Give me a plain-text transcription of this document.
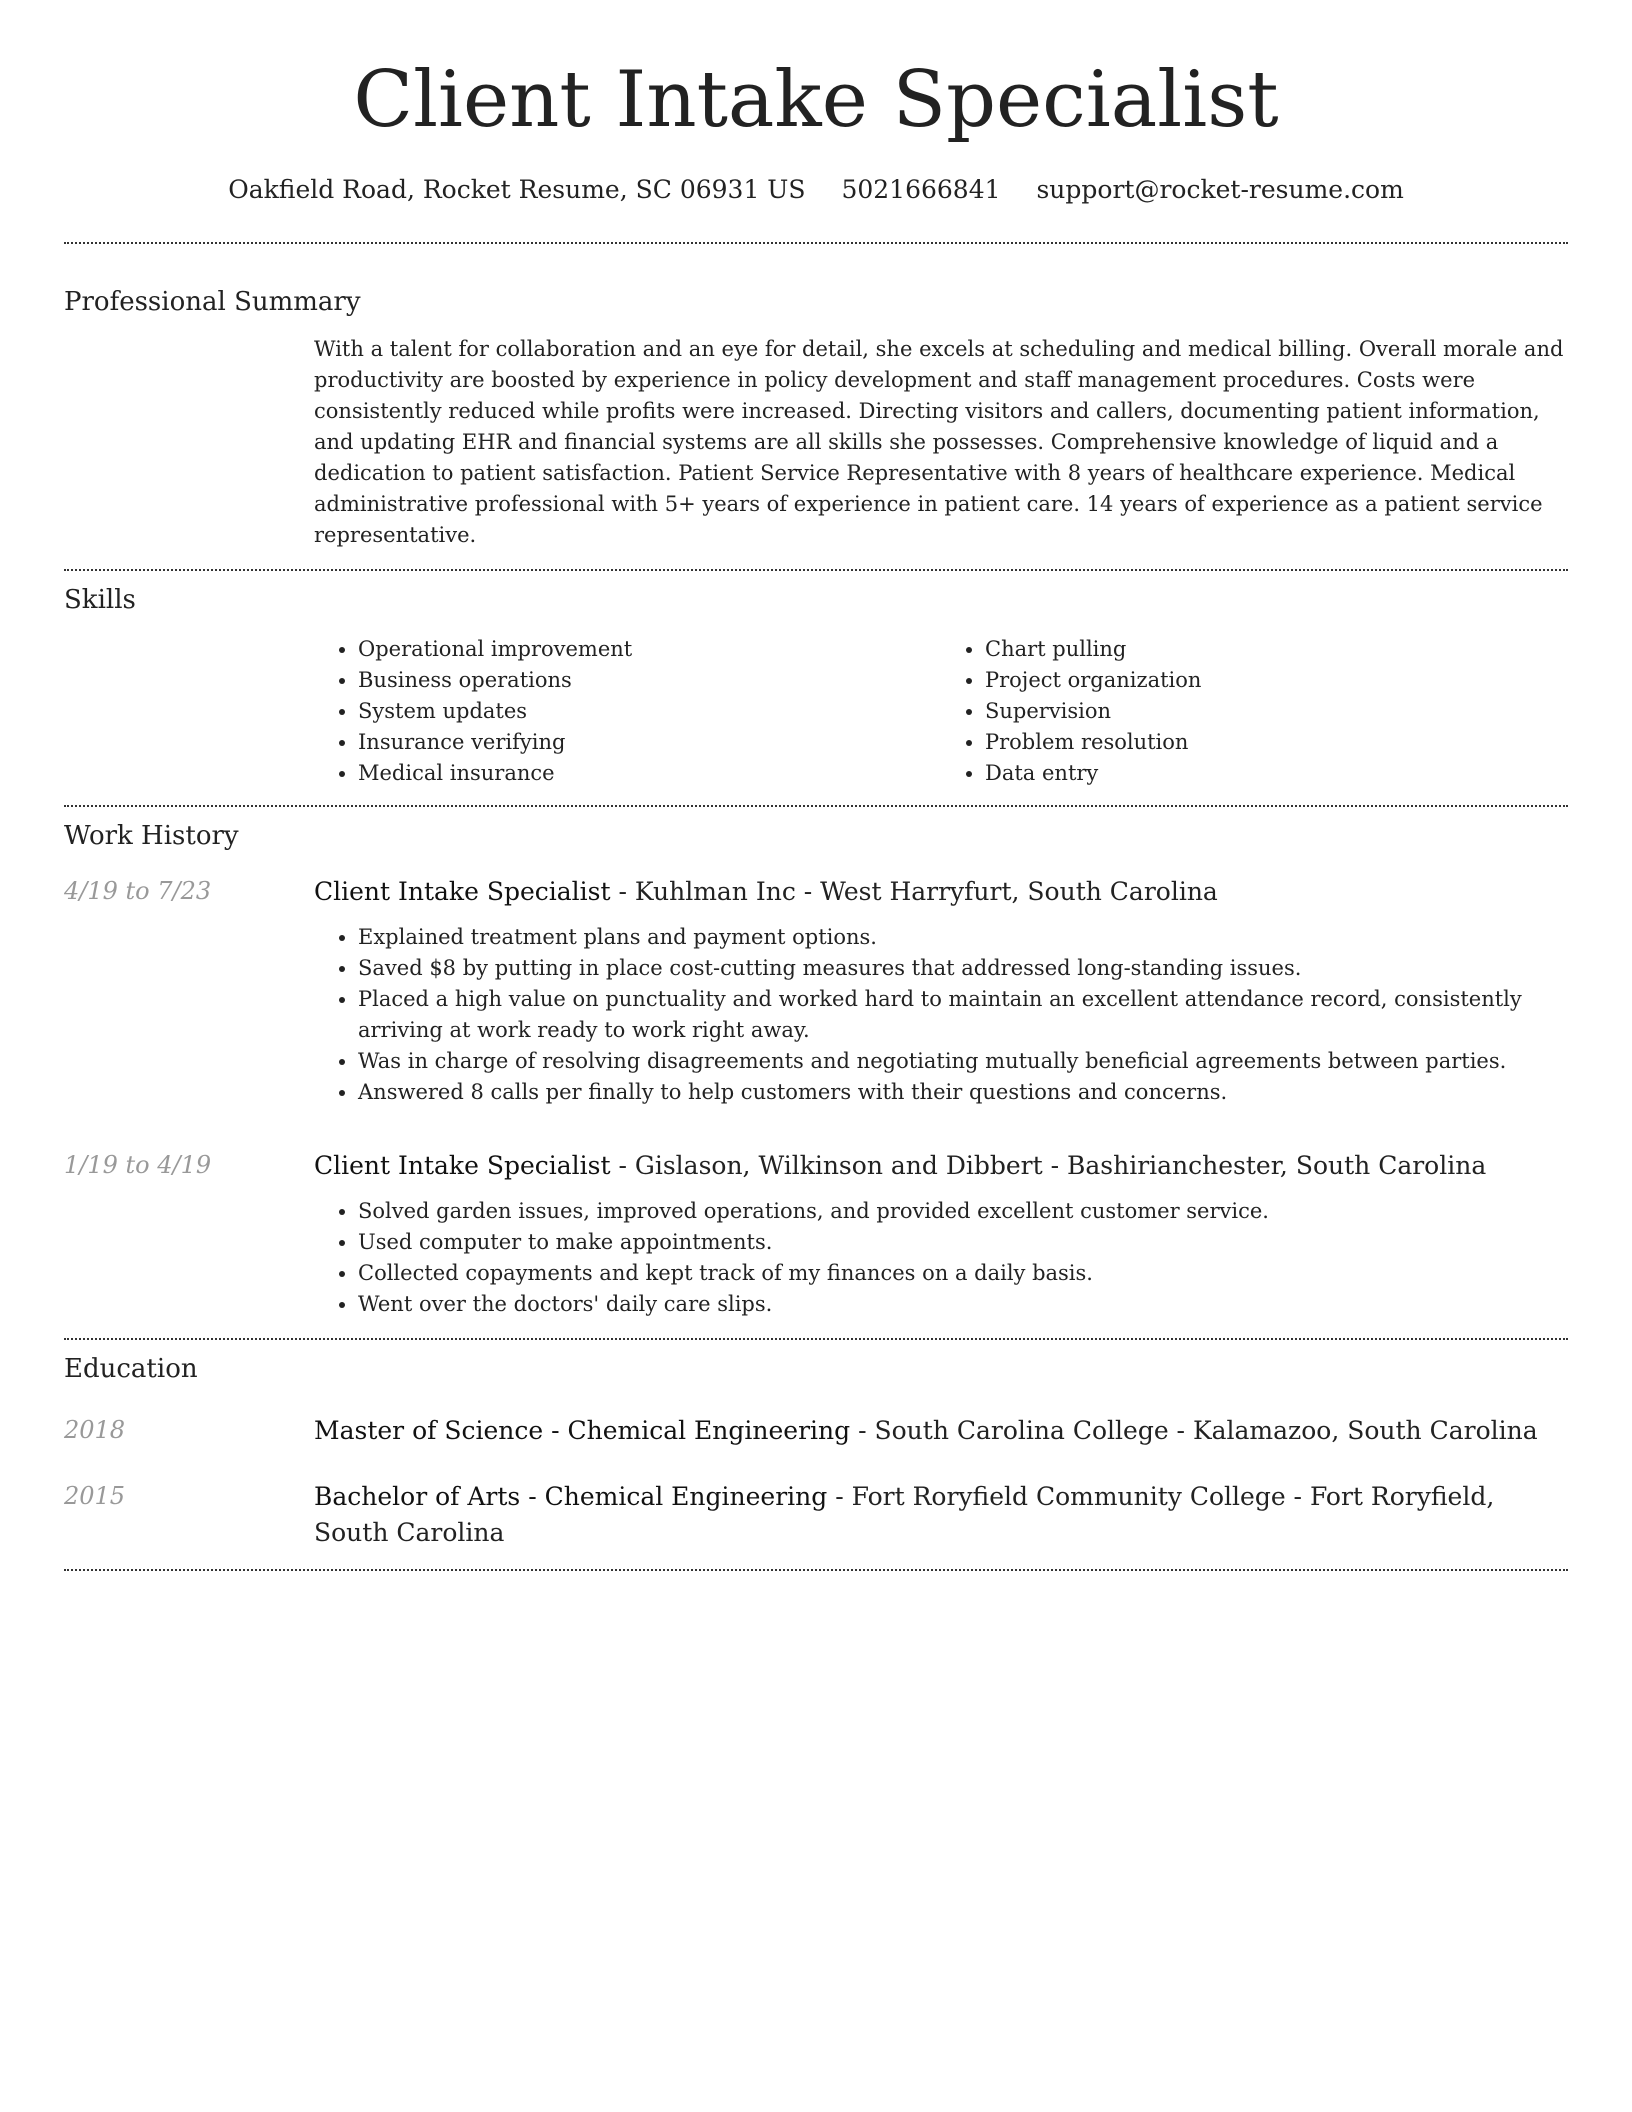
Client Intake Specialist
Oakfield Road, Rocket Resume, SC 06931 US 5021666841 support@rocket-resume.com
Professional Summary

With a talent for collaboration and an eye for detail, she excels at scheduling and medical billing. Overall morale and productivity are boosted by experience in policy development and staff management procedures. Costs were consistently reduced while profits were increased. Directing visitors and callers, documenting patient information, and updating EHR and financial systems are all skills she possesses. Comprehensive knowledge of liquid and a dedication to patient satisfaction. Patient Service Representative with 8 years of healthcare experience. Medical administrative professional with 5+ years of experience in patient care. 14 years of experience as a patient service representative.

Skills
• Operational improvement
• Business operations
• System updates
• Insurance verifying
• Medical insurance
• Chart pulling
• Project organization
• Supervision
• Problem resolution
• Data entry
Work History
4/19 to 7/23	Client Intake Specialist - Kuhlman Inc - West Harryfurt, South Carolina
• Explained treatment plans and payment options.
• Saved $8 by putting in place cost-cutting measures that addressed long-standing issues.
• Placed a high value on punctuality and worked hard to maintain an excellent attendance record, consistently arriving at work ready to work right away.
• Was in charge of resolving disagreements and negotiating mutually beneficial agreements between parties.
• Answered 8 calls per finally to help customers with their questions and concerns.
1/19 to 4/19	Client Intake Specialist - Gislason, Wilkinson and Dibbert - Bashirianchester, South Carolina
• Solved garden issues, improved operations, and provided excellent customer service.
• Used computer to make appointments.
• Collected copayments and kept track of my finances on a daily basis.
• Went over the doctors' daily care slips.
Education
2018	Master of Science - Chemical Engineering - South Carolina College - Kalamazoo, South Carolina
2015	Bachelor of Arts - Chemical Engineering - Fort Roryfield Community College - Fort Roryfield, South Carolina
